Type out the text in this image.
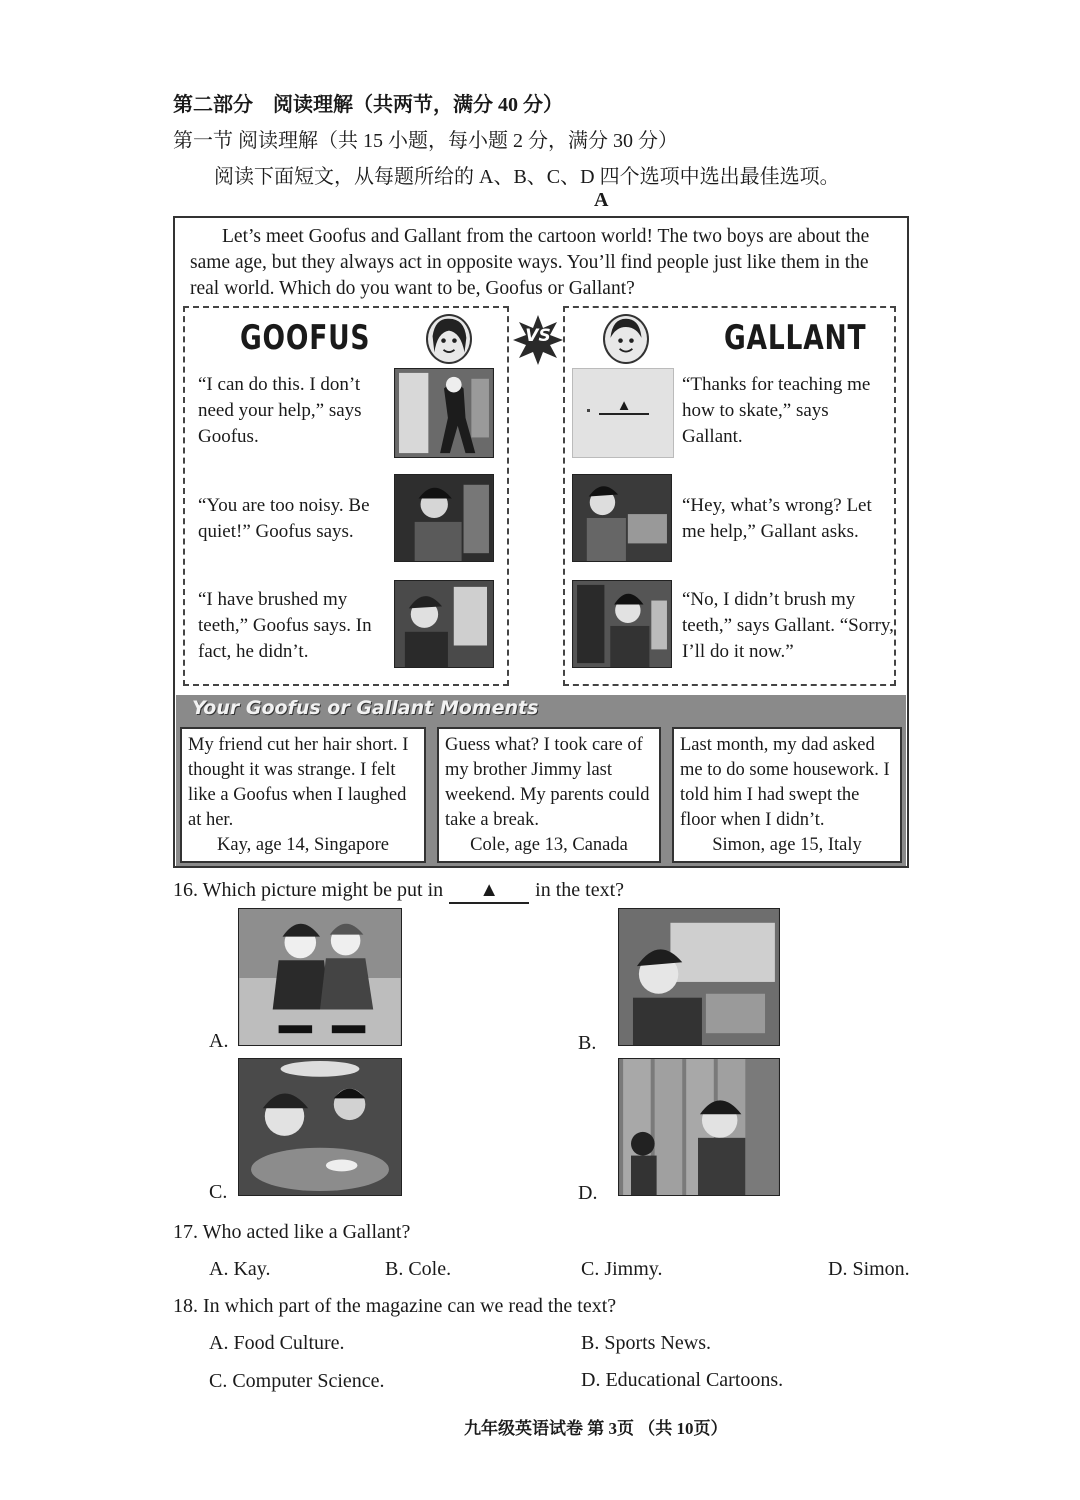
第二部分　阅读理解（共两节，满分 40 分）
第一节 阅读理解（共 15 小题，每小题 2 分，满分 30 分）
阅读下面短文，从每题所给的 A、B、C、D 四个选项中选出最佳选项。
A
Let’s meet Goofus and Gallant from the cartoon world! The two boys are about the same age, but they always act in opposite ways. You’ll find people just like them in the real world. Which do you want to be, Goofus or Gallant?
GOOFUS
“I can do this. I don’t need your help,” says Goofus.
“You are too noisy. Be quiet!” Goofus says.
“I have brushed my teeth,” Goofus says. In fact, he didn’t.
VS	GALLANT
▲
“Thanks for teaching me how to skate,” says Gallant.
“Hey, what’s wrong? Let me help,” Gallant asks.
“No, I didn’t brush my teeth,” says Gallant. “Sorry, I’ll do it now.”
Your Goofus or Gallant Moments
My friend cut her hair short. I thought it was strange. I felt like a Goofus when I laughed at her.
Kay, age 14, Singapore
Guess what? I took care of my brother Jimmy last weekend. My parents could take a break.
Cole, age 13, Canada
Last month, my dad asked me to do some housework. I told him I had swept the floor when I didn’t.
Simon, age 15, Italy
16. Which picture might be put in ▲ in the text?
A.	B.
C.	D.
17. Who acted like a Gallant?
A. Kay.	B. Cole.	C. Jimmy.	D. Simon.
18. In which part of the magazine can we read the text?
A. Food Culture.	B. Sports News.
C. Computer Science.	D. Educational Cartoons.
九年级英语试卷 第 3页 （共 10页）
